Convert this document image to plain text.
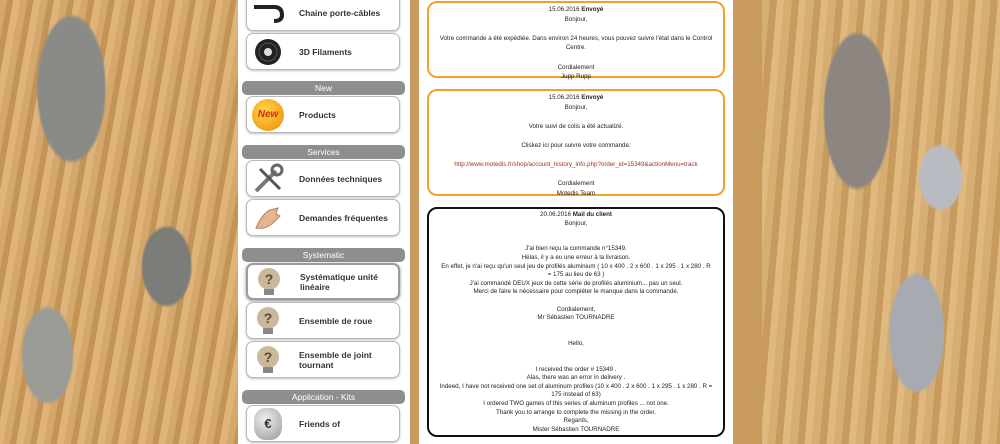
Chaine porte-câbles
3D Filaments
New
New Products
Services
Données techniques
Demandes fréquentes
Systematic
?	Systématique unité linéaire
?	Ensemble de roue
?	Ensemble de joint tournant
Application - Kits
€	Friends of
15.06.2016 Envoyé
Bonjour,
Votre commande a été expédiée. Dans environ 24 heures, vous pouvez suivre l'état dans le Control
Centre.
Cordialement
Jupp Rupp
15.06.2016 Envoyé
Bonjour,
Votre suivi de colis a été actualizé.
Cliskez ici pour suivre votre commande:
http://www.motedis.fr/shop/account_history_info.php?order_id=15349&actionMenu=track
Cordialement
Motedis Team
20.06.2016 Mail du client
Bonjour,
J'ai bien reçu la commande n°15349.
Hélas, il y a eu une erreur à la livraison.
En effet, je n'ai reçu qu'un seul jeu de profilés aluminium ( 10 x 400 . 2 x 600 . 1 x 295 . 1 x 280 . R
= 175 au lieu de 63 )
J'ai commandé DEUX jeux de cette série de profilés aluminium... pas un seul.
Merci de faire le nécessaire pour compléter le manque dans la commande.
Cordialement,
Mr Sébastien TOURNADRE
Hello,
I received the order # 15349 .
Alas, there was an error in delivery .
Indeed, I have not received one set of aluminum profiles (10 x 400 . 2 x 600 . 1 x 295 . 1 x 280 . R =
175 instead of 63)
I ordered TWO games of this series of aluminum profiles ... not one.
Thank you to arrange to complete the missing in the order.
Regards,
Mister Sébastien TOURNADRE
